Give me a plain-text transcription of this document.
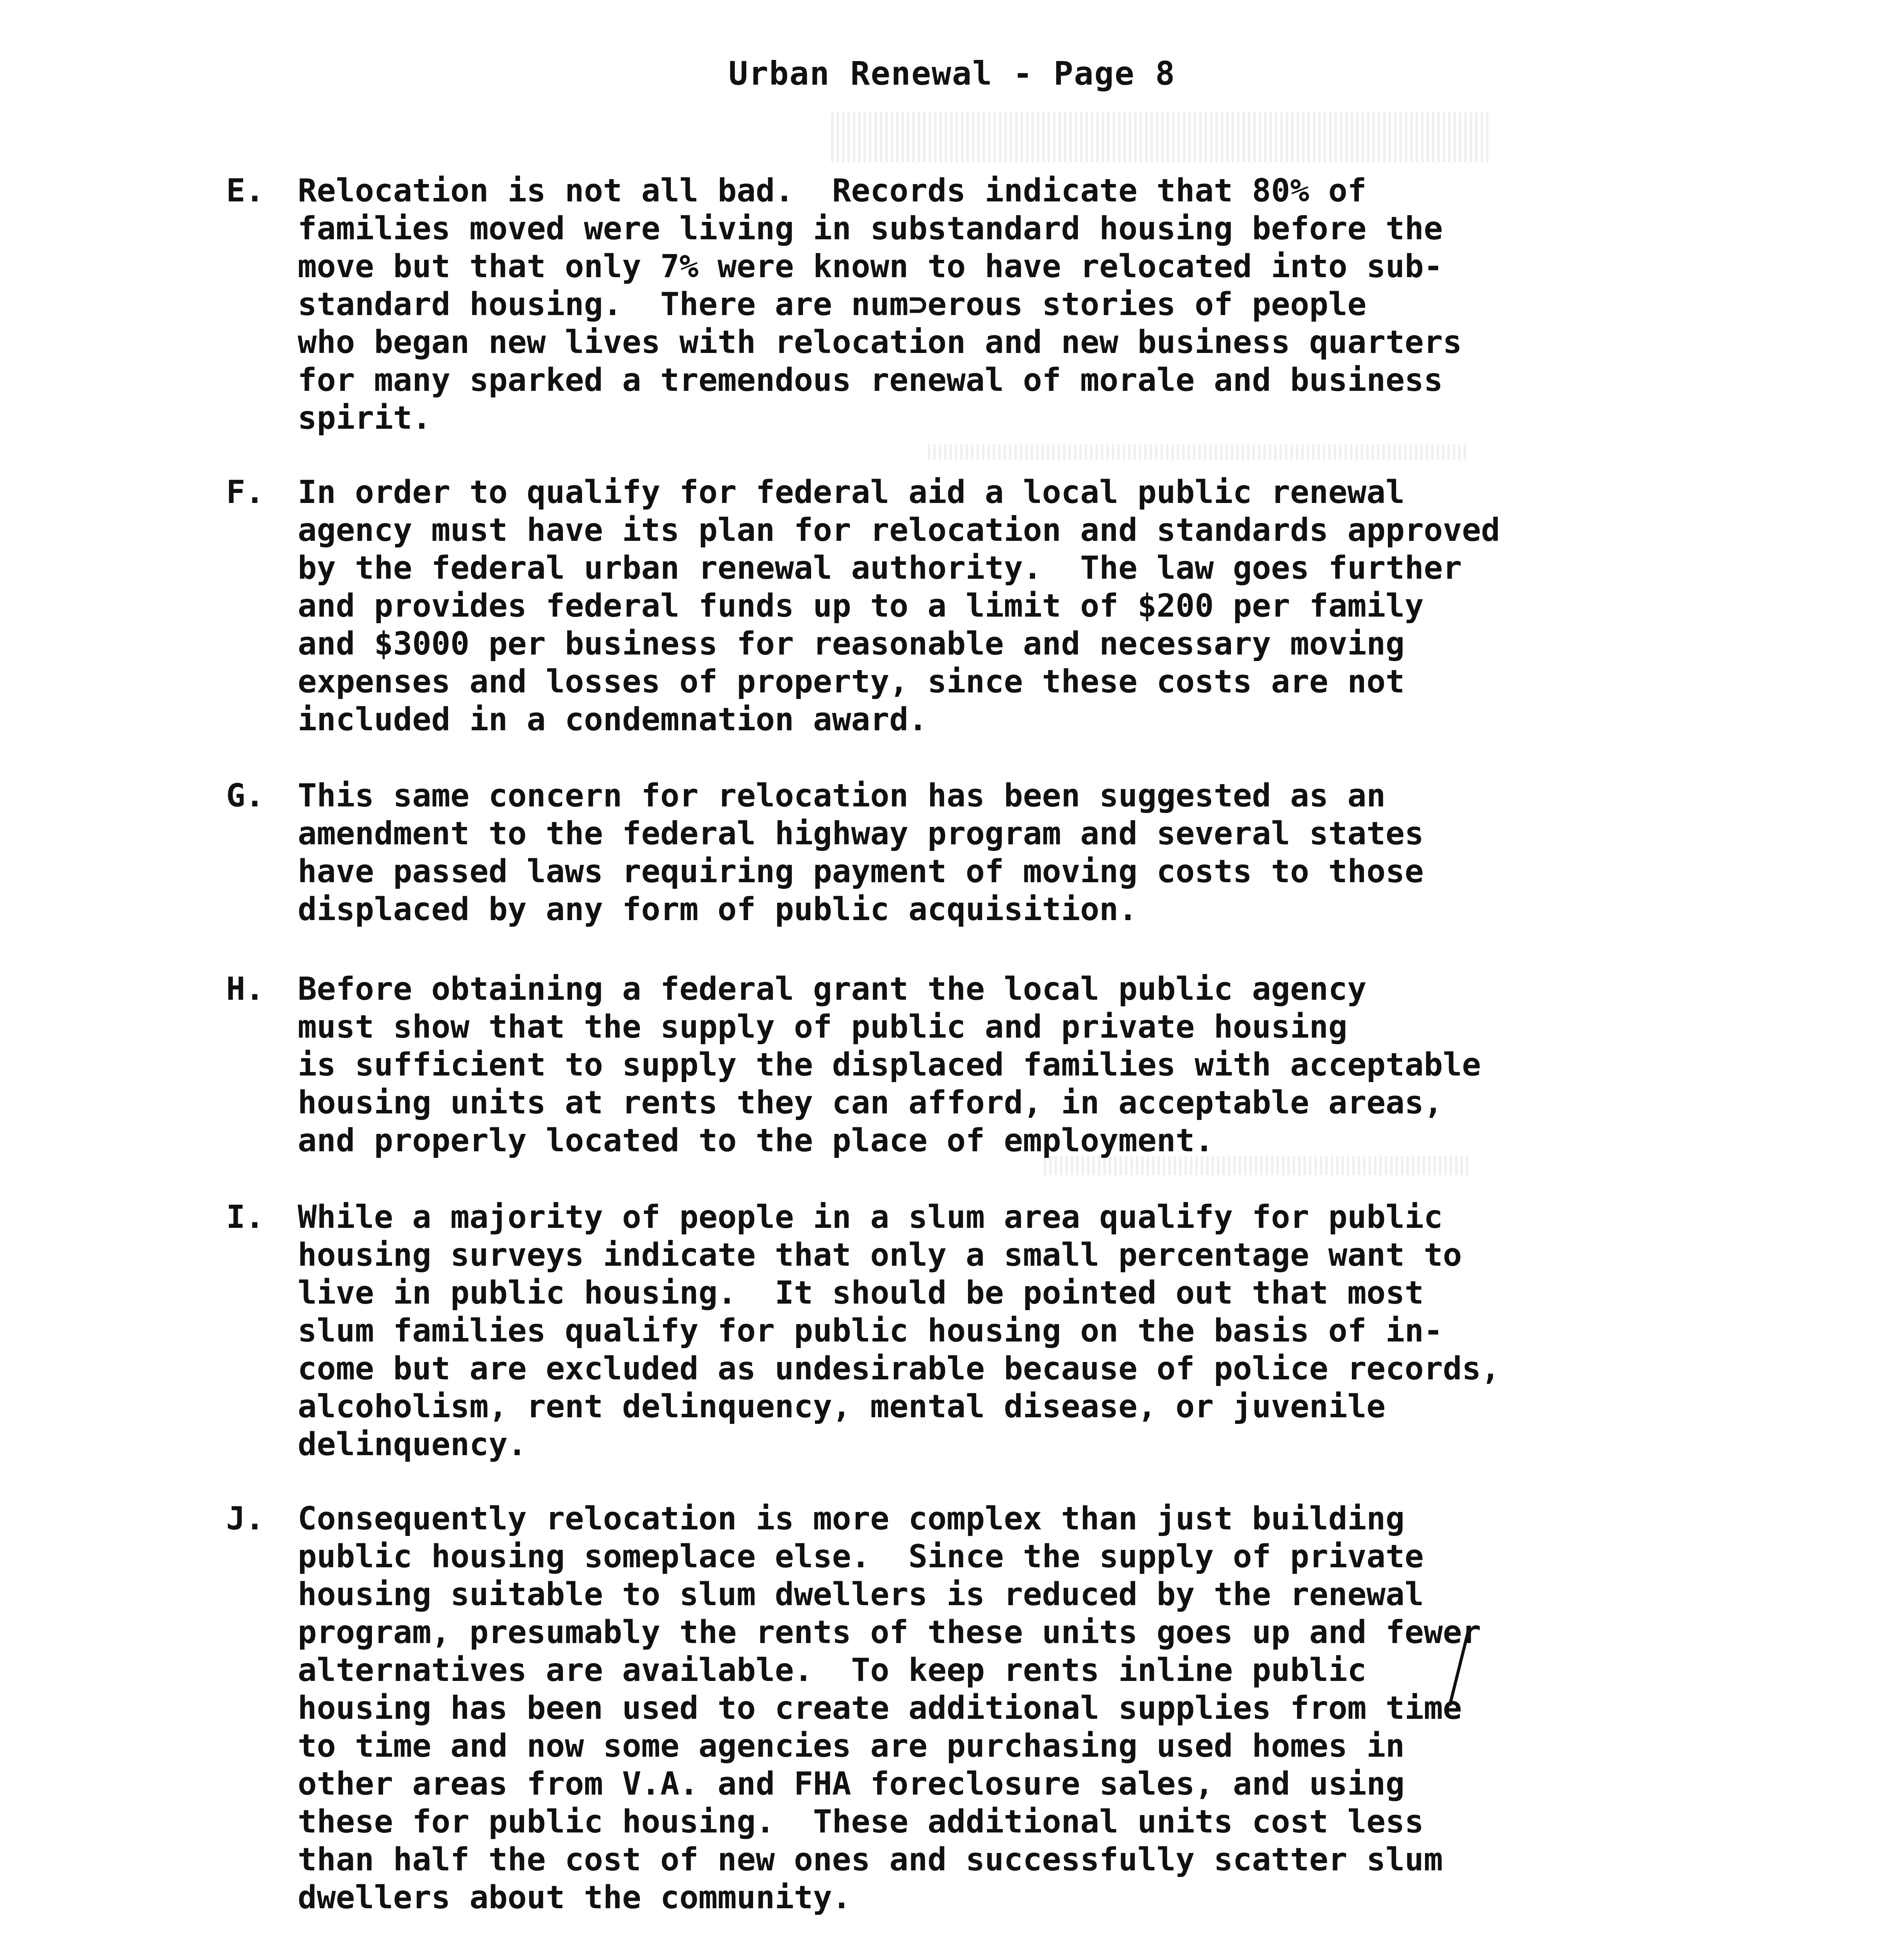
Urban Renewal - Page 8
E.	Relocation is not all bad.  Records indicate that 80% of
families moved were living in substandard housing before the
move but that only 7% were known to have relocated into sub-
standard housing.  There are num⊃erous stories of people
who began new lives with relocation and new business quarters
for many sparked a tremendous renewal of morale and business
spirit.
F.	In order to qualify for federal aid a local public renewal
agency must have its plan for relocation and standards approved
by the federal urban renewal authority.  The law goes further
and provides federal funds up to a limit of $200 per family
and $3000 per business for reasonable and necessary moving
expenses and losses of property, since these costs are not
included in a condemnation award.
G.	This same concern for relocation has been suggested as an
amendment to the federal highway program and several states
have passed laws requiring payment of moving costs to those
displaced by any form of public acquisition.
H.	Before obtaining a federal grant the local public agency
must show that the supply of public and private housing
is sufficient to supply the displaced families with acceptable
housing units at rents they can afford, in acceptable areas,
and properly located to the place of employment.
I.	While a majority of people in a slum area qualify for public
housing surveys indicate that only a small percentage want to
live in public housing.  It should be pointed out that most
slum families qualify for public housing on the basis of in-
come but are excluded as undesirable because of police records,
alcoholism, rent delinquency, mental disease, or juvenile
delinquency.
J.	Consequently relocation is more complex than just building
public housing someplace else.  Since the supply of private
housing suitable to slum dwellers is reduced by the renewal
program, presumably the rents of these units goes up and fewer
alternatives are available.  To keep rents inline public
housing has been used to create additional supplies from time
to time and now some agencies are purchasing used homes in
other areas from V.A. and FHA foreclosure sales, and using
these for public housing.  These additional units cost less
than half the cost of new ones and successfully scatter slum
dwellers about the community.
